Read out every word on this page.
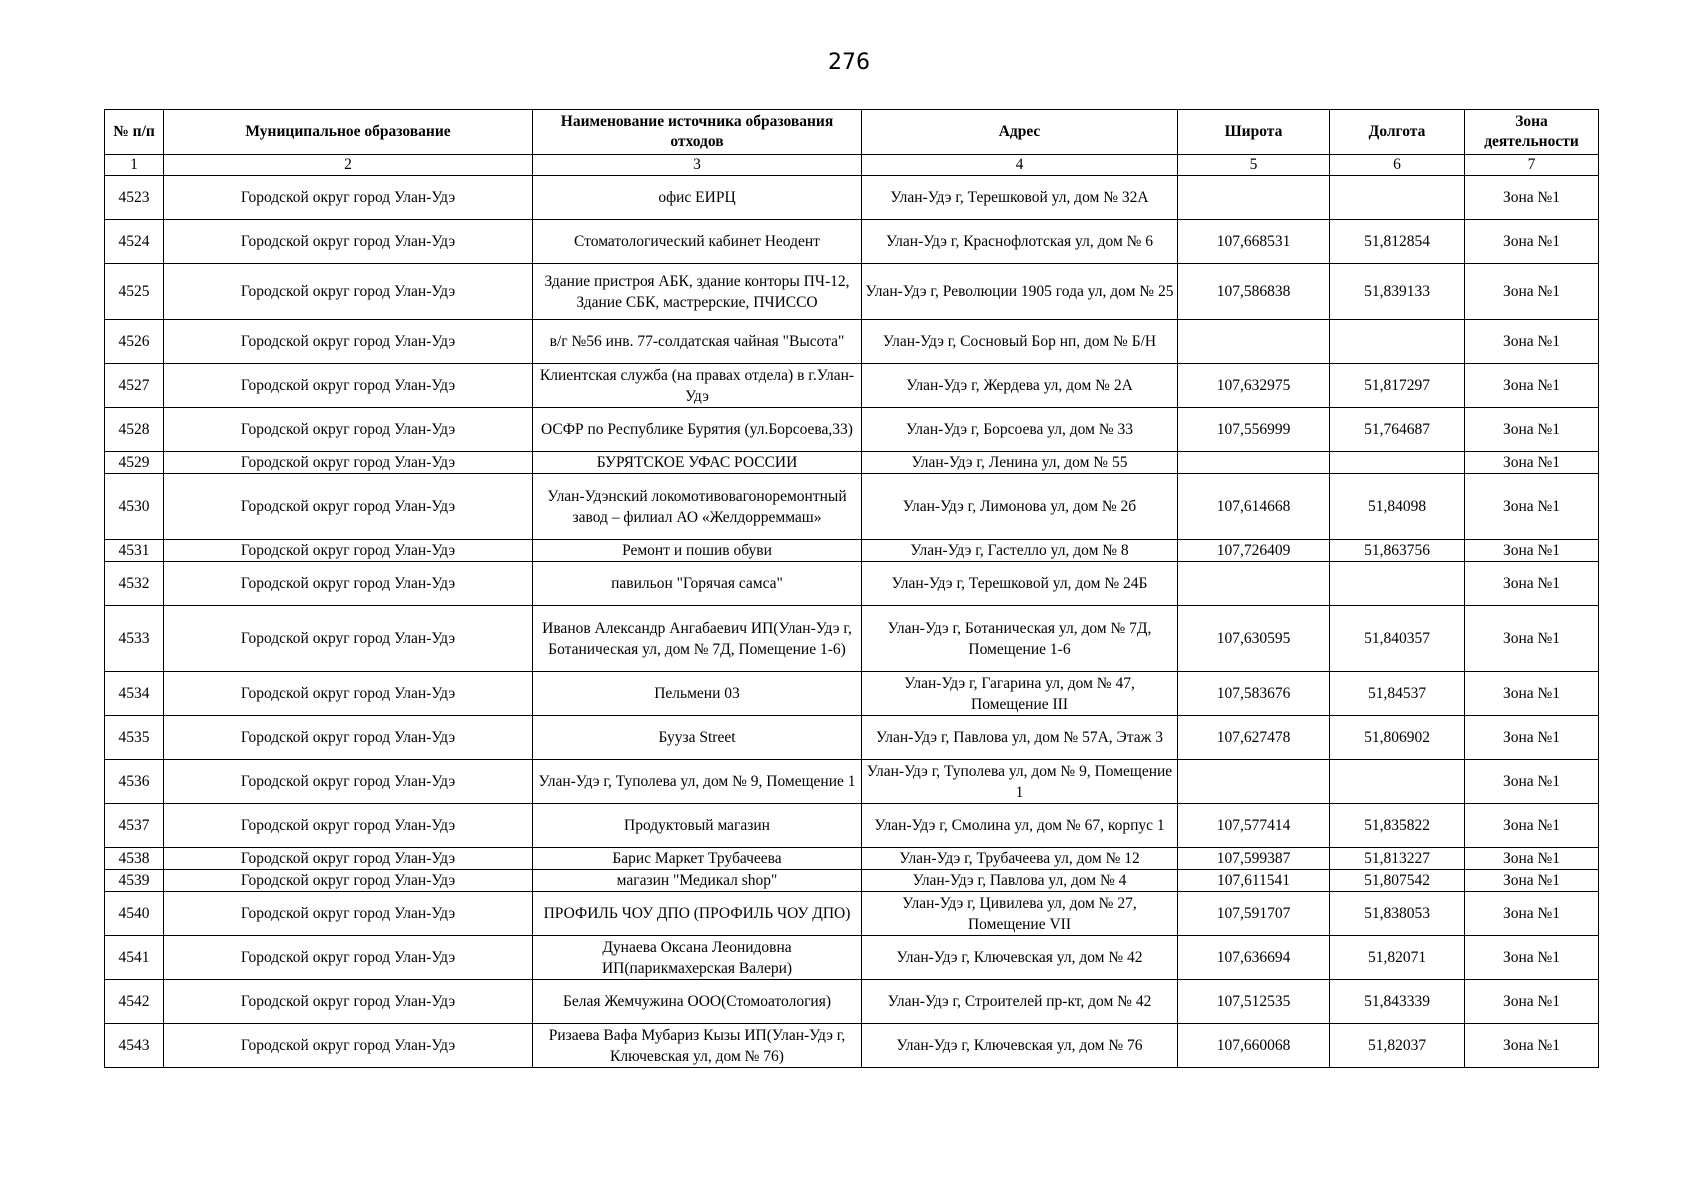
276
№ п/п	Муниципальное образование	Наименование источника образования отходов	Адрес	Широта	Долгота	Зона деятельности
1	2	3	4	5	6	7
4523	Городской округ город Улан-Удэ	офис ЕИРЦ	Улан-Удэ г, Терешковой ул, дом № 32А			Зона №1
4524	Городской округ город Улан-Удэ	Стоматологический кабинет Неодент	Улан-Удэ г, Краснофлотская ул, дом № 6	107,668531	51,812854	Зона №1
4525	Городской округ город Улан-Удэ	Здание пристроя АБК, здание конторы ПЧ-12, Здание СБК, мастрерские, ПЧИССО	Улан-Удэ г, Революции 1905 года ул, дом № 25	107,586838	51,839133	Зона №1
4526	Городской округ город Улан-Удэ	в/г №56 инв. 77-солдатская чайная "Высота"	Улан-Удэ г, Сосновый Бор нп, дом № Б/Н			Зона №1
4527	Городской округ город Улан-Удэ	Клиентская служба (на правах отдела) в г.Улан-Удэ	Улан-Удэ г, Жердева ул, дом № 2А	107,632975	51,817297	Зона №1
4528	Городской округ город Улан-Удэ	ОСФР по Республике Бурятия (ул.Борсоева,33)	Улан-Удэ г, Борсоева ул, дом № 33	107,556999	51,764687	Зона №1
4529	Городской округ город Улан-Удэ	БУРЯТСКОЕ УФАС РОССИИ	Улан-Удэ г, Ленина ул, дом № 55			Зона №1
4530	Городской округ город Улан-Удэ	Улан-Удэнский локомотивовагоноремонтный завод – филиал АО «Желдорреммаш»	Улан-Удэ г, Лимонова ул, дом № 2б	107,614668	51,84098	Зона №1
4531	Городской округ город Улан-Удэ	Ремонт и пошив обуви	Улан-Удэ г, Гастелло ул, дом № 8	107,726409	51,863756	Зона №1
4532	Городской округ город Улан-Удэ	павильон "Горячая самса"	Улан-Удэ г, Терешковой ул, дом № 24Б			Зона №1
4533	Городской округ город Улан-Удэ	Иванов Александр Ангабаевич ИП(Улан-Удэ г, Ботаническая ул, дом № 7Д, Помещение 1-6)	Улан-Удэ г, Ботаническая ул, дом № 7Д, Помещение 1-6	107,630595	51,840357	Зона №1
4534	Городской округ город Улан-Удэ	Пельмени 03	Улан-Удэ г, Гагарина ул, дом № 47, Помещение III	107,583676	51,84537	Зона №1
4535	Городской округ город Улан-Удэ	Бууза Street	Улан-Удэ г, Павлова ул, дом № 57А, Этаж 3	107,627478	51,806902	Зона №1
4536	Городской округ город Улан-Удэ	Улан-Удэ г, Туполева ул, дом № 9, Помещение 1	Улан-Удэ г, Туполева ул, дом № 9, Помещение 1			Зона №1
4537	Городской округ город Улан-Удэ	Продуктовый магазин	Улан-Удэ г, Смолина ул, дом № 67, корпус 1	107,577414	51,835822	Зона №1
4538	Городской округ город Улан-Удэ	Барис Маркет Трубачеева	Улан-Удэ г, Трубачеева ул, дом № 12	107,599387	51,813227	Зона №1
4539	Городской округ город Улан-Удэ	магазин "Медикал shop"	Улан-Удэ г, Павлова ул, дом № 4	107,611541	51,807542	Зона №1
4540	Городской округ город Улан-Удэ	ПРОФИЛЬ ЧОУ ДПО (ПРОФИЛЬ ЧОУ ДПО)	Улан-Удэ г, Цивилева ул, дом № 27, Помещение VII	107,591707	51,838053	Зона №1
4541	Городской округ город Улан-Удэ	Дунаева Оксана Леонидовна ИП(парикмахерская Валери)	Улан-Удэ г, Ключевская ул, дом № 42	107,636694	51,82071	Зона №1
4542	Городской округ город Улан-Удэ	Белая Жемчужина ООО(Стомоатология)	Улан-Удэ г, Строителей пр-кт, дом № 42	107,512535	51,843339	Зона №1
4543	Городской округ город Улан-Удэ	Ризаева Вафа Мубариз Кызы ИП(Улан-Удэ г, Ключевская ул, дом № 76)	Улан-Удэ г, Ключевская ул, дом № 76	107,660068	51,82037	Зона №1
